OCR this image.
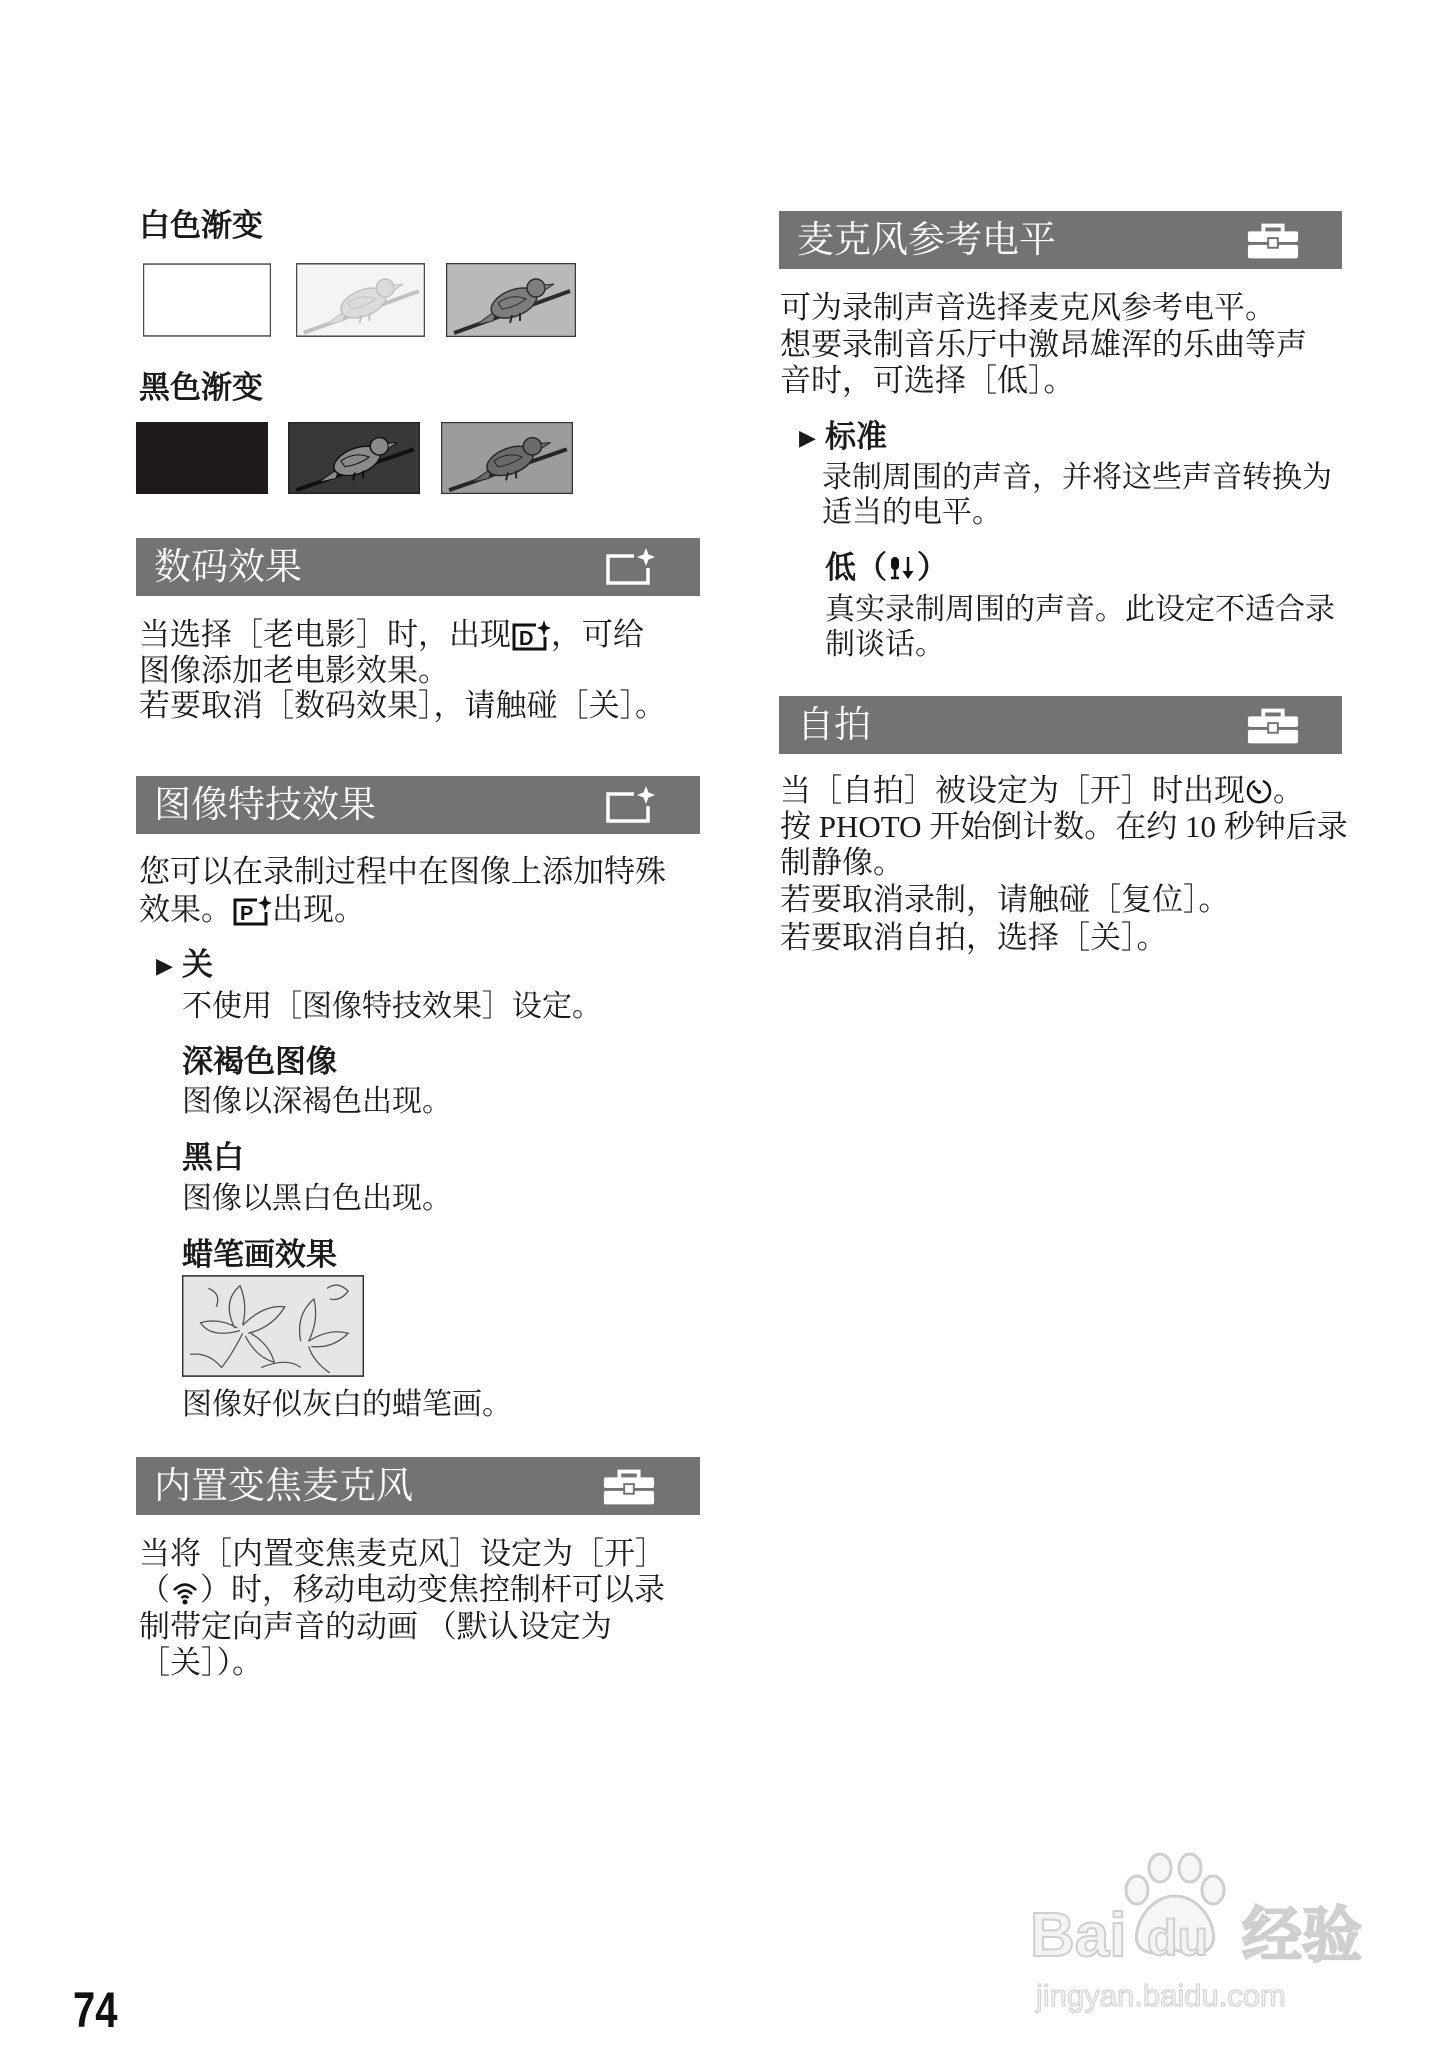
白色渐变
黑色渐变
数码效果
当选择［老电影］时，出现 D ，可给
图像添加老电影效果。
若要取消［数码效果］，请触碰［关］。
图像特技效果
您可以在录制过程中在图像上添加特殊
效果。 P 出现。
▶ 关
不使用［图像特技效果］设定。
深褐色图像
图像以深褐色出现。
黑白
图像以黑白色出现。
蜡笔画效果
图像好似灰白的蜡笔画。
内置变焦麦克风
当将［内置变焦麦克风］设定为［开］
（ ）时，移动电动变焦控制杆可以录
制带定向声音的动画 （默认设定为
［关］）。
麦克风参考电平
可为录制声音选择麦克风参考电平。
想要录制音乐厅中激昂雄浑的乐曲等声
音时，可选择［低］。
▶ 标准
录制周围的声音，并将这些声音转换为
适当的电平。
低（ ）
真实录制周围的声音。此设定不适合录
制谈话。
自拍
当［自拍］被设定为［开］时出现 。
按 PHOTO 开始倒计数。在约 10 秒钟后录
制静像。
若要取消录制，请触碰［复位］。
若要取消自拍，选择［关］。
74
Bai du 经验
jingyan.baidu.com
